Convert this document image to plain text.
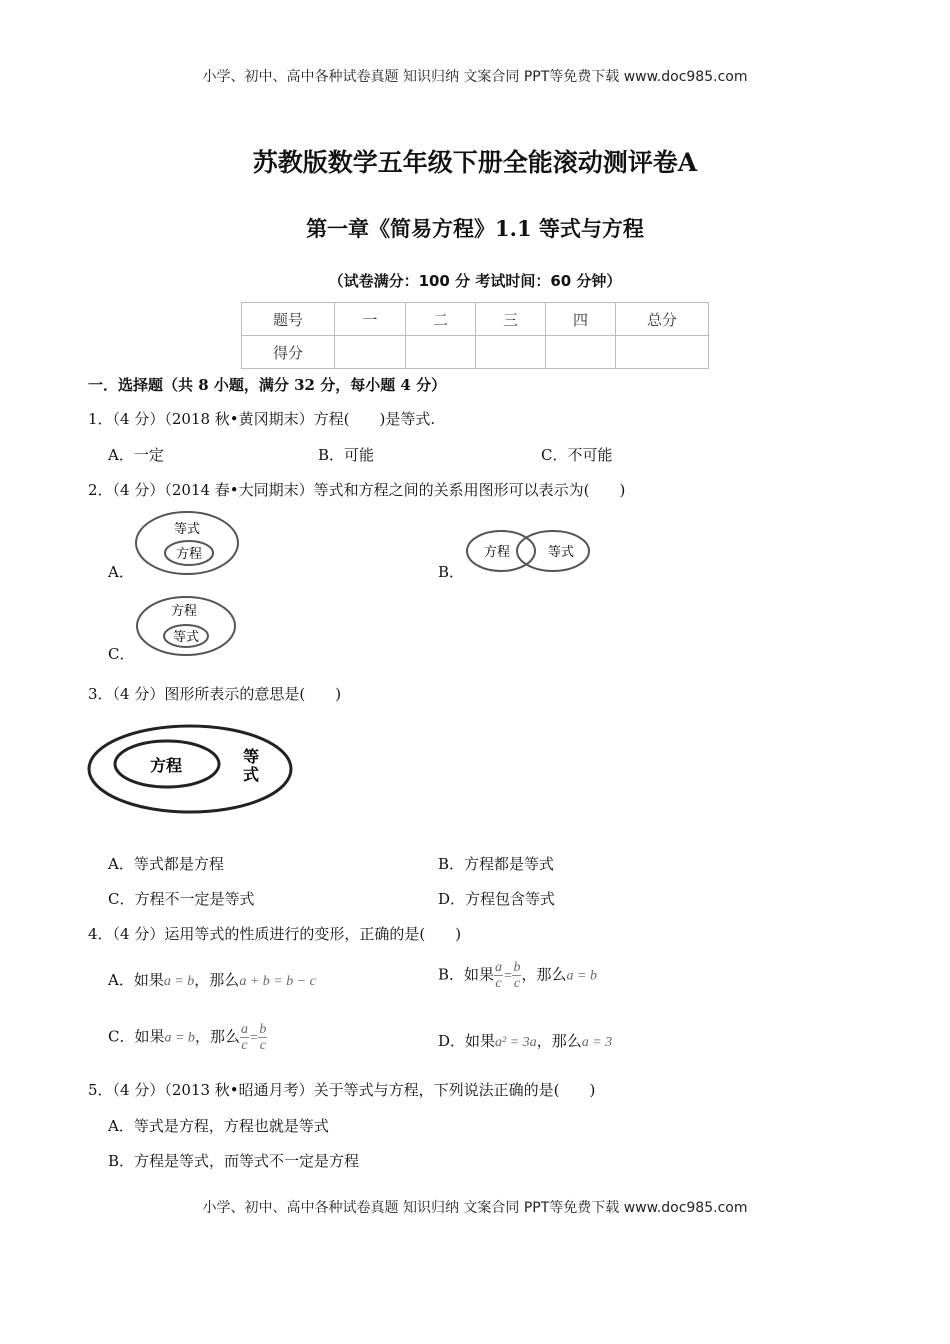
小学、初中、高中各种试卷真题 知识归纳 文案合同 PPT等免费下载 www.doc985.com
苏教版数学五年级下册全能滚动测评卷A
第一章《简易方程》1.1 等式与方程
（试卷满分：100 分 考试时间：60 分钟）
题号	一	二	三	四	总分
得分					
一．选择题（共 8 小题，满分 32 分，每小题 4 分）
1．（4 分）（2018 秋•黄冈期末）方程(　　)是等式.
A．一定	B．可能	C．不可能
2．（4 分）（2014 春•大同期末）等式和方程之间的关系用图形可以表示为(　　)
A．
等式
方程
B．
方程	等式
C．
方程
等式
3．（4 分）图形所表示的意思是(　　)
方程	等
式
A．等式都是方程	B．方程都是等式
C．方程不一定是等式	D．方程包含等式
4．（4 分）运用等式的性质进行的变形，正确的是(　　)
A．如果a = b，那么a + b = b − c	B．如果 $\frac{a}{c} = \frac{b}{c}$ ，那么a = b
C．如果a = b，那么 $\frac{a}{c} = \frac{b}{c}$	D．如果a² = 3a，那么a = 3
5．（4 分）（2013 秋•昭通月考）关于等式与方程，下列说法正确的是(　　)
A．等式是方程，方程也就是等式
B．方程是等式，而等式不一定是方程
小学、初中、高中各种试卷真题 知识归纳 文案合同 PPT等免费下载 www.doc985.com
